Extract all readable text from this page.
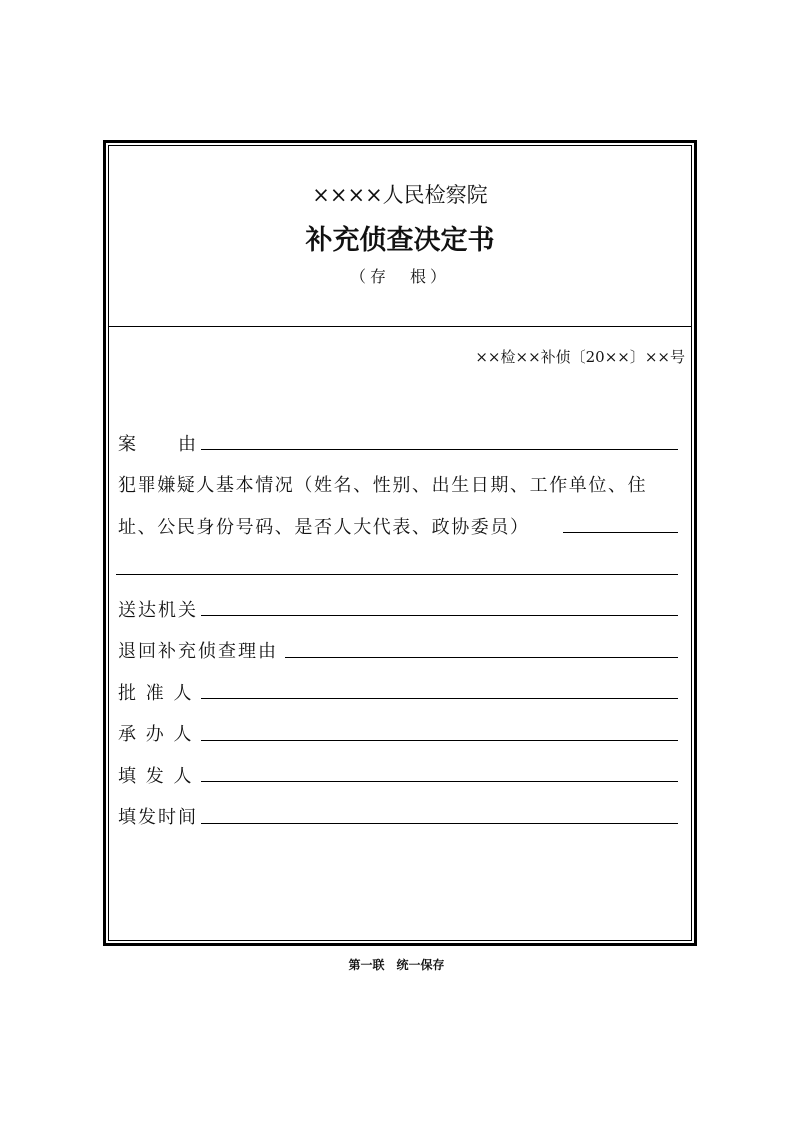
××××人民检察院
补充侦查决定书
（存　根）
××检××补侦〔20××〕××号
案　　由
犯罪嫌疑人基本情况（姓名、性别、出生日期、工作单位、住
址、公民身份号码、是否人大代表、政协委员）
送达机关
退回补充侦查理由
批 准 人
承 办 人
填 发 人
填发时间
第一联　统一保存
